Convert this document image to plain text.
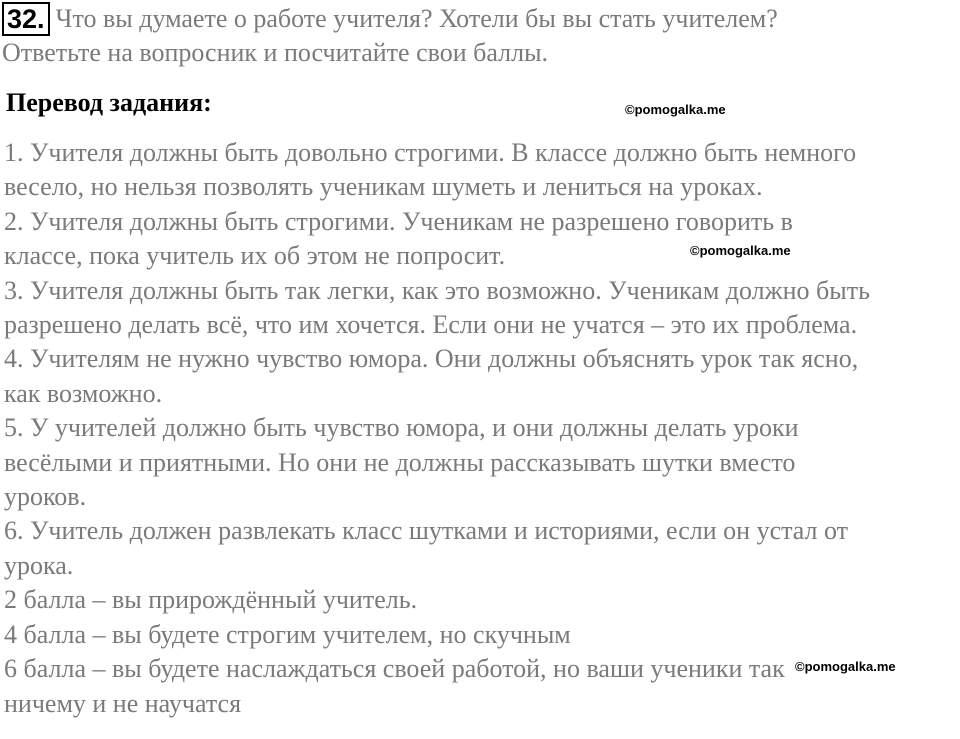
32. Что вы думаете о работе учителя? Хотели бы вы стать учителем?
Ответьте на вопросник и посчитайте свои баллы.
Перевод задания:	©pomogalka.me
©pomogalka.me
©pomogalka.me
1. Учителя должны быть довольно строгими. В классе должно быть немного
весело, но нельзя позволять ученикам шуметь и лениться на уроках.
2. Учителя должны быть строгими. Ученикам не разрешено говорить в
классе, пока учитель их об этом не попросит.
3. Учителя должны быть так легки, как это возможно. Ученикам должно быть
разрешено делать всё, что им хочется. Если они не учатся – это их проблема.
4. Учителям не нужно чувство юмора. Они должны объяснять урок так ясно,
как возможно.
5. У учителей должно быть чувство юмора, и они должны делать уроки
весёлыми и приятными. Но они не должны рассказывать шутки вместо
уроков.
6. Учитель должен развлекать класс шутками и историями, если он устал от
урока.
2 балла – вы прирождённый учитель.
4 балла – вы будете строгим учителем, но скучным
6 балла – вы будете наслаждаться своей работой, но ваши ученики так
ничему и не научатся
